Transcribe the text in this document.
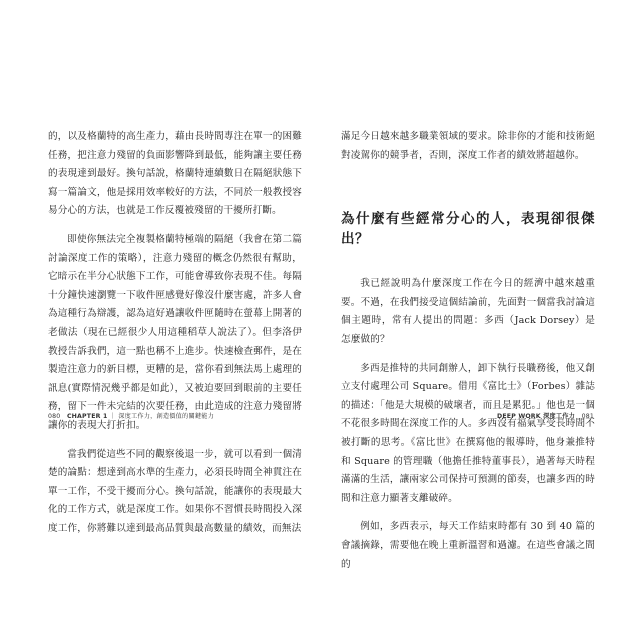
的，以及格蘭特的高生產力，藉由長時間專注在單一的困難任務，把注意力殘留的負面影響降到最低，能夠讓主要任務的表現達到最好。換句話說，格蘭特連續數日在隔絕狀態下寫一篇論文，他是採用效率較好的方法，不同於一般教授容易分心的方法，也就是工作反覆被殘留的干擾所打斷。

即使你無法完全複製格蘭特極端的隔絕（我會在第二篇討論深度工作的策略），注意力殘留的概念仍然很有幫助，它暗示在半分心狀態下工作，可能會導致你表現不佳。每隔十分鐘快速瀏覽一下收件匣感覺好像沒什麼害處，許多人會為這種行為辯護，認為這好過讓收件匣隨時在螢幕上開著的老做法（現在已經很少人用這種稻草人說法了）。但李洛伊教授告訴我們，這一點也稱不上進步。快速檢查郵件，是在製造注意力的新目標，更糟的是，當你看到無法馬上處理的訊息(實際情況幾乎都是如此），又被迫要回到眼前的主要任務，留下一件未完結的次要任務，由此造成的注意力殘留將讓你的表現大打折扣。

當我們從這些不同的觀察後退一步，就可以看到一個清楚的論點：想達到高水準的生產力，必須長時間全神貫注在單一工作，不受干擾而分心。換句話說，能讓你的表現最大化的工作方式，就是深度工作。如果你不習慣長時間投入深度工作，你將難以達到最高品質與最高數量的績效，而無法

滿足今日越來越多職業領域的要求。除非你的才能和技術絕對凌駕你的競爭者，否則，深度工作者的績效將超越你。

為什麼有些經常分心的人，表現卻很傑出？

我已經說明為什麼深度工作在今日的經濟中越來越重要。不過，在我們接受這個結論前，先面對一個當我討論這個主題時，常有人提出的問題：多西（Jack Dorsey）是怎麼做的？

多西是推特的共同創辦人，卸下執行長職務後，他又創立支付處理公司 Square。借用《富比士》（Forbes）雜誌的描述：「他是大規模的破壞者，而且是累犯。」他也是一個不花很多時間在深度工作的人。多西沒有福氣享受長時間不被打斷的思考。《富比世》在撰寫他的報導時，他身兼推特和 Square 的管理職（他擔任推特董事長），過著每天時程滿滿的生活，讓兩家公司保持可預測的節奏，也讓多西的時間和注意力顯著支離破碎。

例如，多西表示，每天工作結束時都有 30 到 40 篇的會議摘錄，需要他在晚上重新溫習和過濾。在這些會議之間的

080 CHAPTER 1 ｜ 深度工作力，創造價值的關鍵能力	DEEP WORK 深度工作力 081
